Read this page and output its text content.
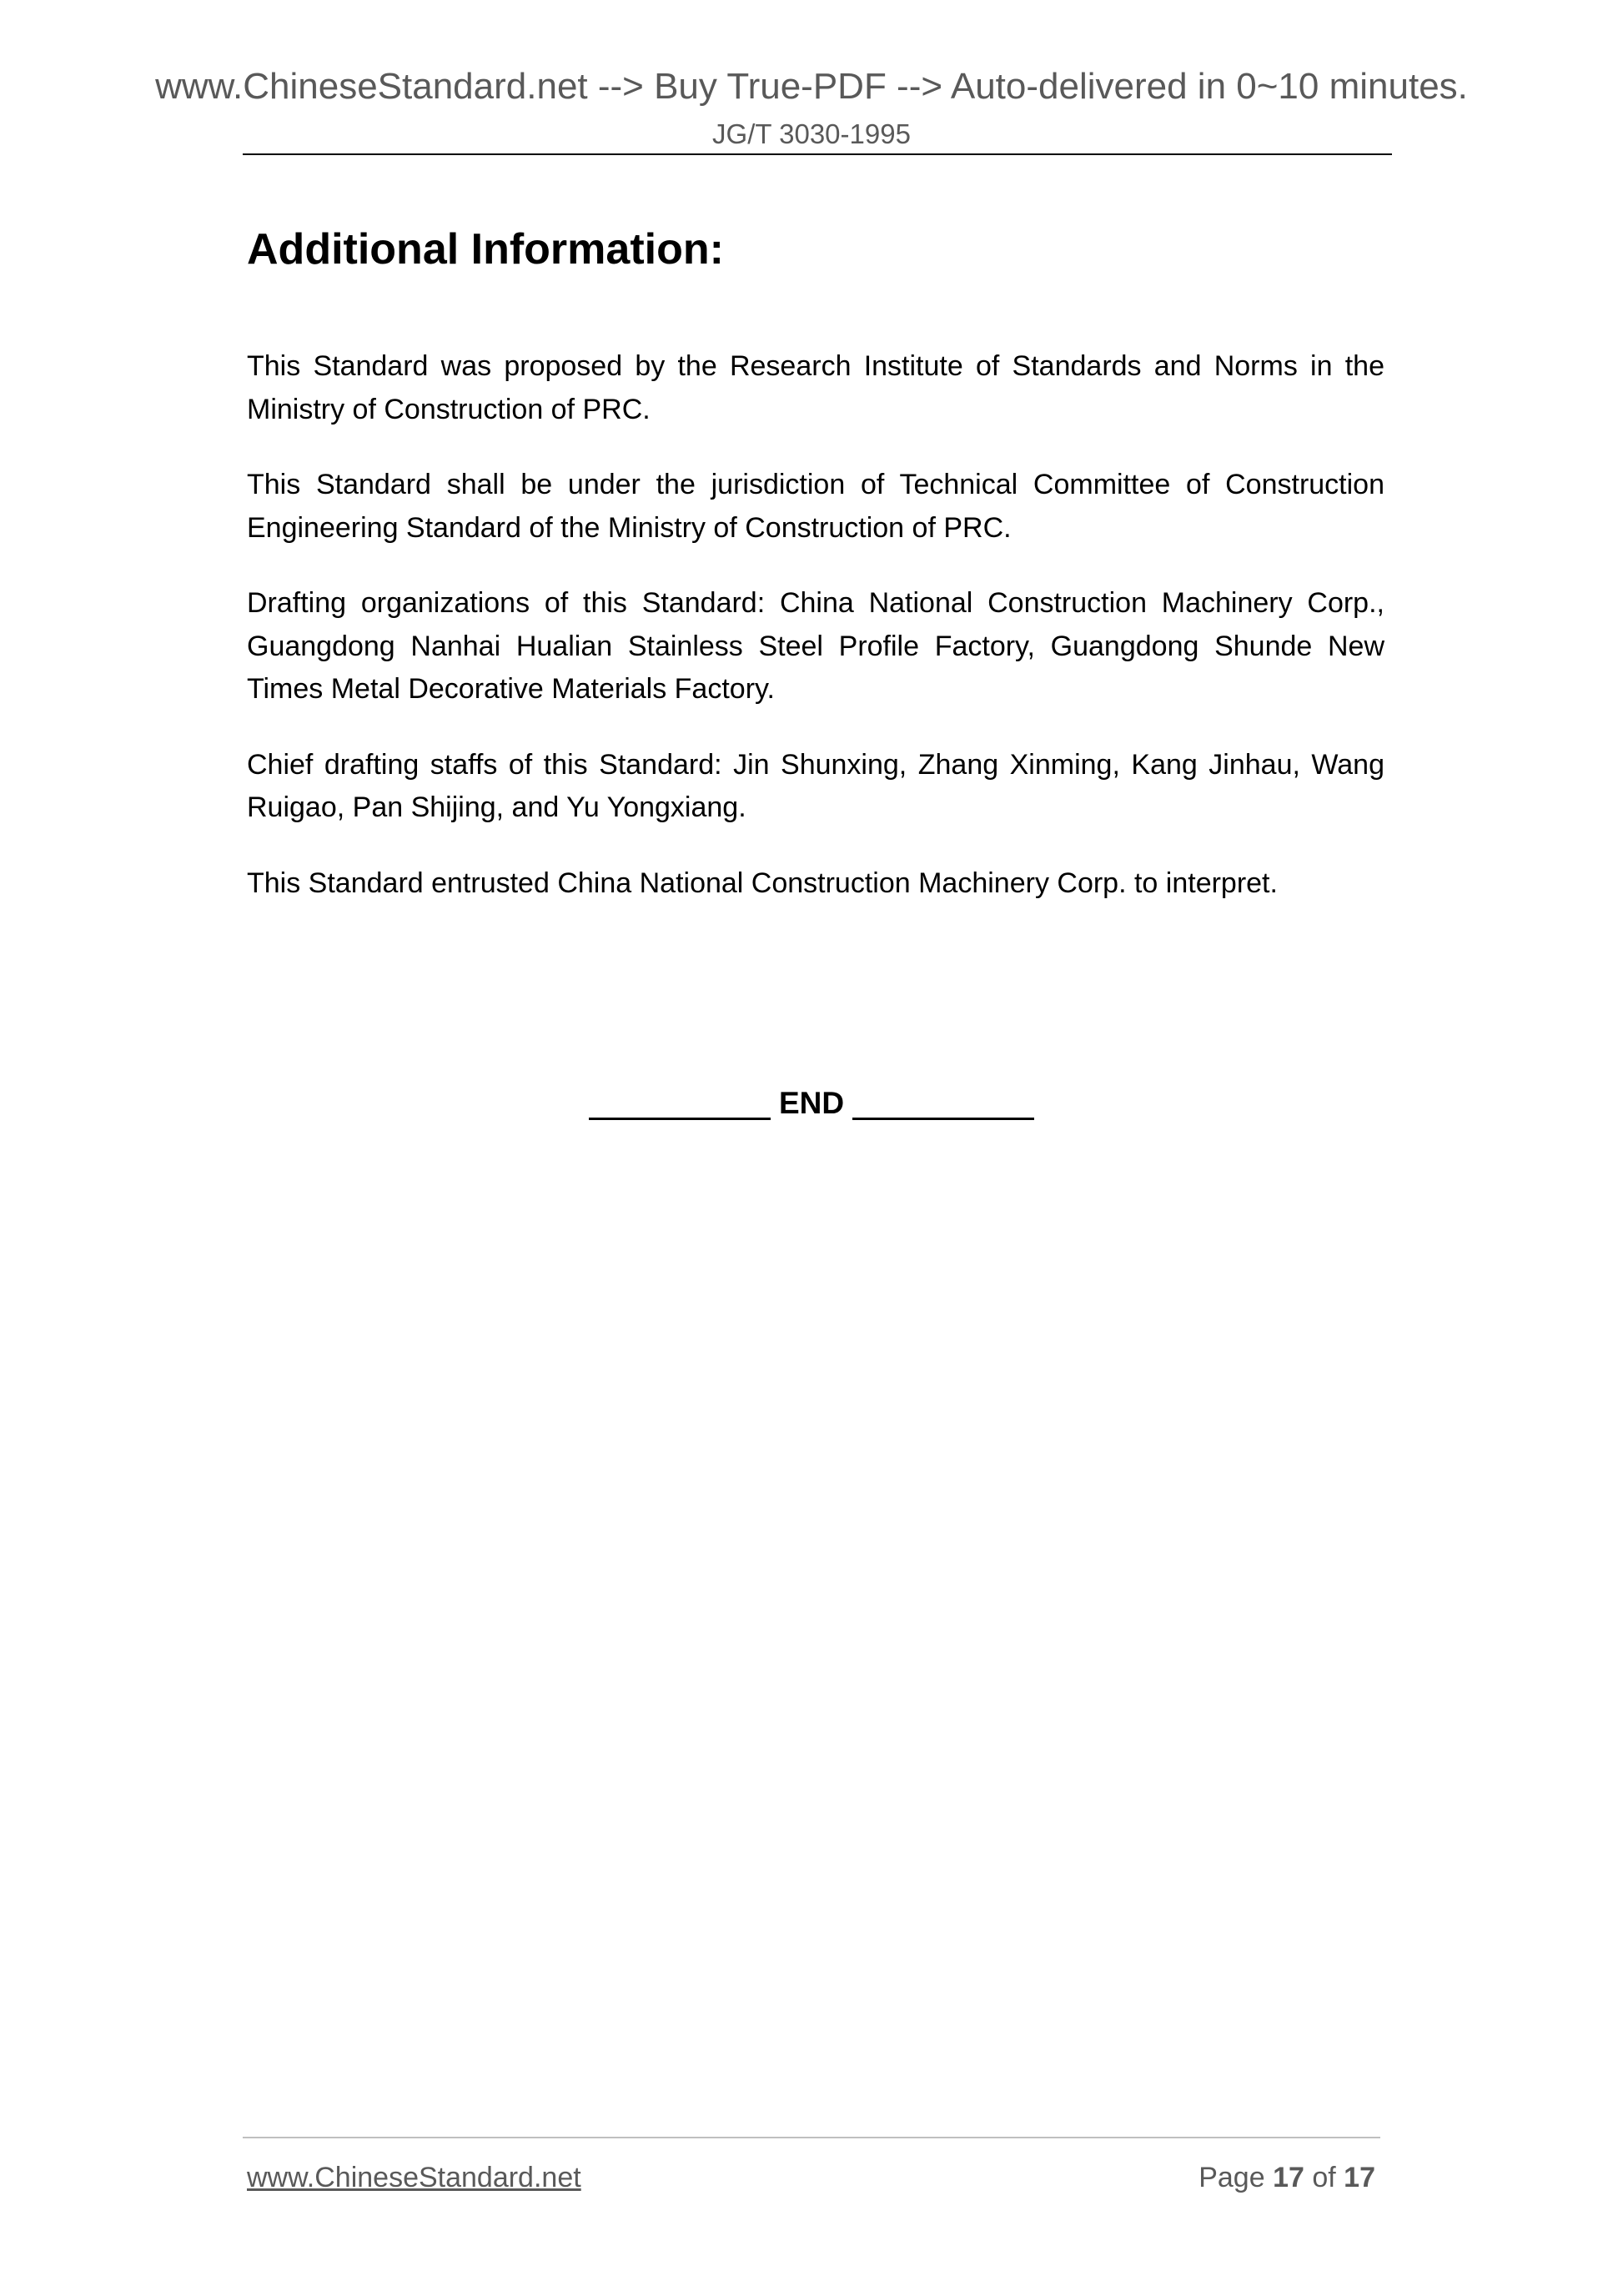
www.ChineseStandard.net --> Buy True-PDF --> Auto-delivered in 0~10 minutes.
JG/T 3030-1995
Additional Information:

This Standard was proposed by the Research Institute of Standards and Norms in the Ministry of Construction of PRC.

This Standard shall be under the jurisdiction of Technical Committee of Construction Engineering Standard of the Ministry of Construction of PRC.

Drafting organizations of this Standard: China National Construction Machinery Corp., Guangdong Nanhai Hualian Stainless Steel Profile Factory, Guangdong Shunde New Times Metal Decorative Materials Factory.

Chief drafting staffs of this Standard: Jin Shunxing, Zhang Xinming, Kang Jinhau, Wang Ruigao, Pan Shijing, and Yu Yongxiang.

This Standard entrusted China National Construction Machinery Corp. to interpret.

END
www.ChineseStandard.net	Page 17 of 17
